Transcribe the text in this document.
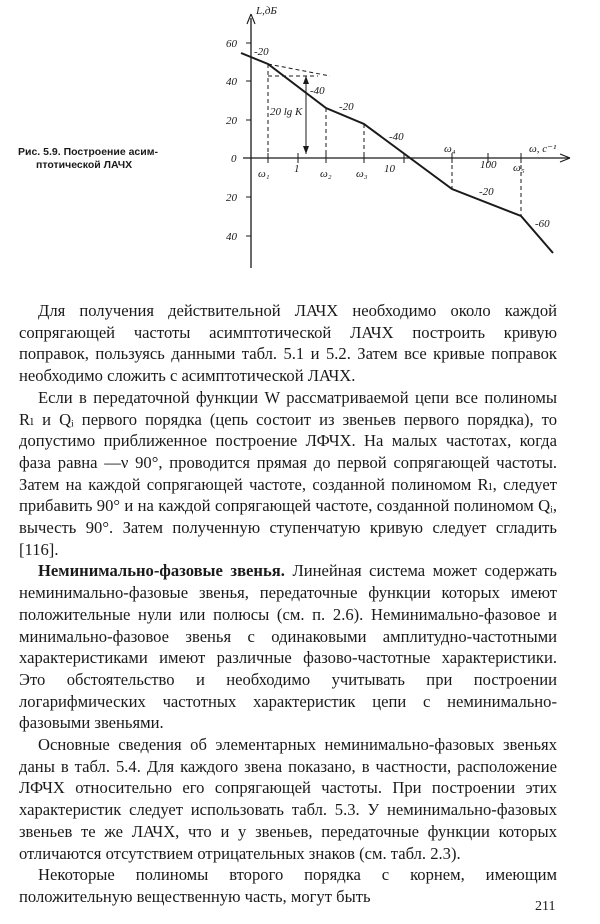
Рис. 5.9. Построение асим-
птотической ЛАЧХ
L,дБ
ω, с⁻¹
60
40
20
0
20
40
ω₁ 1 ω₂ ω₃ 10
ω₄
100 ω₅
20 lg K
-20
-40
-20
-40
-20
-60

Для получения действительной ЛАЧХ необходимо около каждой сопрягающей частоты асимптотической ЛАЧХ построить кривую поправок, пользуясь данными табл. 5.1 и 5.2. Затем все кривые поправок необходимо сложить с асимптотической ЛАЧХ.

Если в передаточной функции W рассматриваемой цепи все полиномы Rₗ и Qᵢ первого порядка (цепь состоит из звеньев первого порядка), то допустимо приближенное построение ЛФЧХ. На малых частотах, когда фаза равна —ν 90°, проводится прямая до первой сопрягающей частоты. Затем на каждой сопрягающей частоте, созданной полиномом Rₗ, следует прибавить 90° и на каждой сопрягающей частоте, созданной полиномом Qᵢ, вычесть 90°. Затем полученную ступенчатую кривую следует сгладить [116].

Неминимально-фазовые звенья. Линейная система может содержать неминимально-фазовые звенья, передаточные функции которых имеют положительные нули или полюсы (см. п. 2.6). Неминимально-фазовое и минимально-фазовое звенья с одинаковыми амплитудно-частотными характеристиками имеют различные фазово-частотные характеристики. Это обстоятельство и необходимо учитывать при построении логарифмических частотных характеристик цепи с неминимально-фазовыми звеньями.

Основные сведения об элементарных неминимально-фазовых звеньях даны в табл. 5.4. Для каждого звена показано, в частности, расположение ЛФЧХ относительно его сопрягающей частоты. При построении этих характеристик следует использовать табл. 5.3. У неминимально-фазовых звеньев те же ЛАЧХ, что и у звеньев, передаточные функции которых отличаются отсутствием отрицательных знаков (см. табл. 2.3).

Некоторые полиномы второго порядка с корнем, имеющим положительную вещественную часть, могут быть

211
